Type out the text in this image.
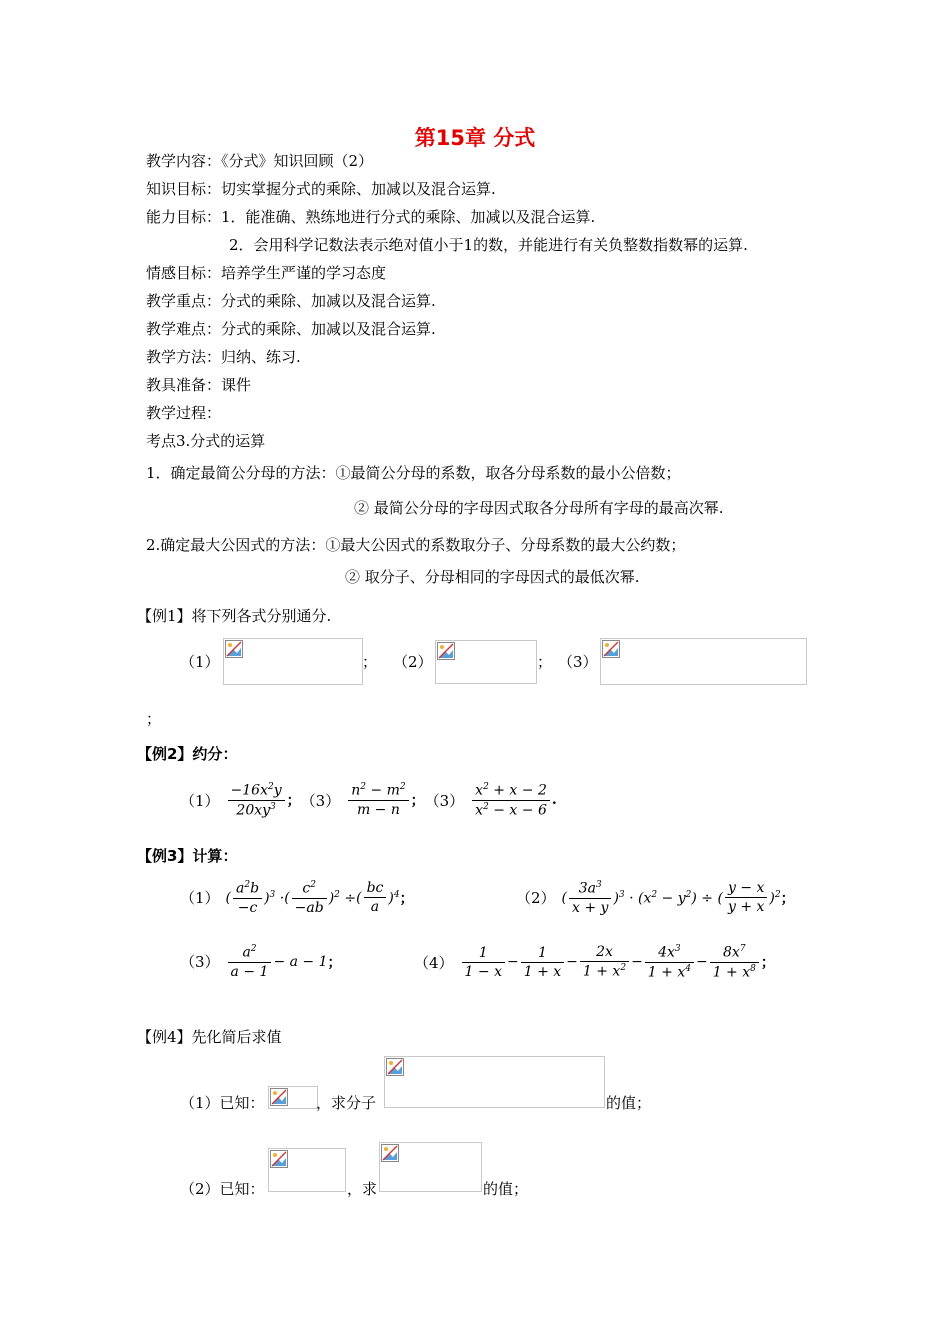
第15章 分式
教学内容：《分式》知识回顾（2）
知识目标：切实掌握分式的乘除、加减以及混合运算.
能力目标：1．能准确、熟练地进行分式的乘除、加减以及混合运算.
2．会用科学记数法表示绝对值小于1的数，并能进行有关负整数指数幂的运算.
情感目标：培养学生严谨的学习态度
教学重点：分式的乘除、加减以及混合运算.
教学难点：分式的乘除、加减以及混合运算.
教学方法：归纳、练习.
教具准备：课件
教学过程：
考点3.分式的运算
1．确定最简公分母的方法：①最简公分母的系数，取各分母系数的最小公倍数；
② 最简公分母的字母因式取各分母所有字母的最高次幂.
2.确定最大公因式的方法：①最大公因式的系数取分子、分母系数的最大公约数；
② 取分子、分母相同的字母因式的最低次幂.
【例1】将下列各式分别通分.
（1）	； （2）	； （3）
；
【例2】约分：
$(1) \frac{-16x^2y}{20xy^3}$ ； $(3) \frac{n^2 - m^2}{m - n}$ ； $(3) \frac{x^2 + x - 2}{x^2 - x - 6}$ .
【例3】计算：
（1） ( $\frac{a^2b}{-c} )^3$ · ( $\frac{c^2}{-ab} )^2$ ÷ ( $\frac{bc}{a} )^4$ ；	（2） ( $\frac{3a^3}{x + y} )^3 \cdot (x^2 - y^2)$ ÷ ( $\frac{y - x}{y + x} )^2$ ；
$(3) \frac{a^2}{a - 1} - a - 1$ ；	$(4) \frac{1}{1 - x} - \frac{1}{1 + x} - \frac{2x}{1 + x^2} - \frac{4x^3}{1 + x^4} - \frac{8x^7}{1 + x^8}$ ；
【例4】先化简后求值
（1）已知：	，求分子	的值；
（2）已知：	，求	的值；
